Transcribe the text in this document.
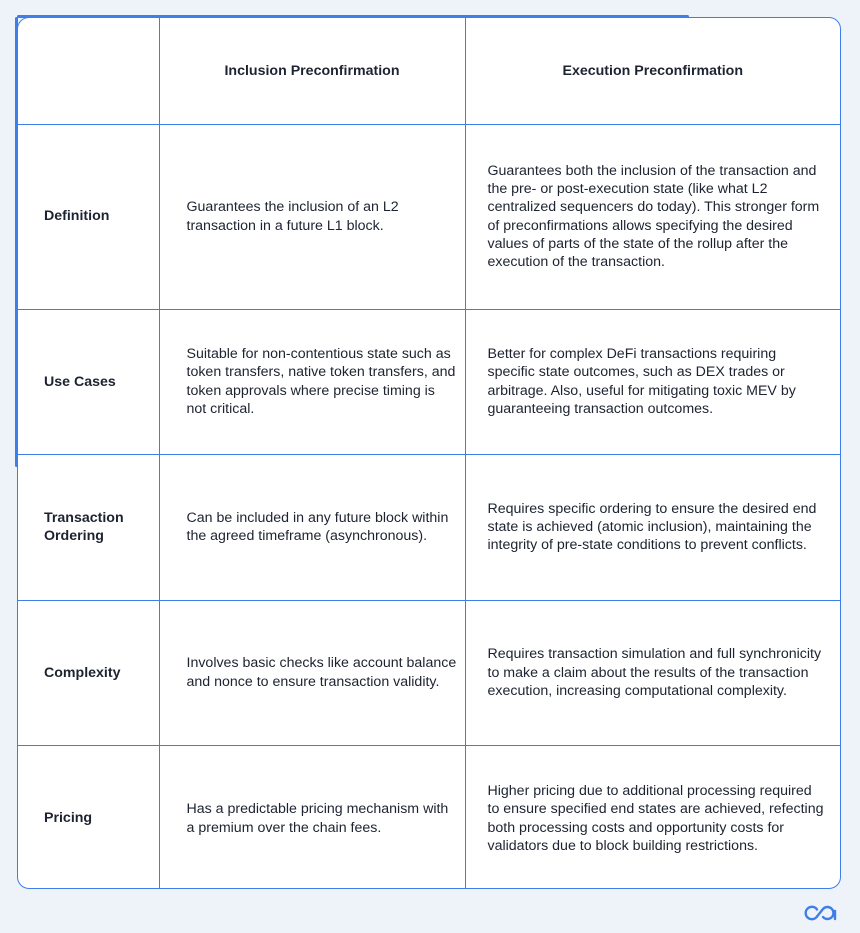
	Inclusion Preconfirmation	Execution Preconfirmation
Definition	Guarantees the inclusion of an L2 transaction in a future L1 block.	Guarantees both the inclusion of the transaction and the pre- or post-execution state (like what L2 centralized sequencers do today). This stronger form of preconfirmations allows specifying the desired values of parts of the state of the rollup after the execution of the transaction.
Use Cases	Suitable for non-contentious state such as token transfers, native token transfers, and token approvals where precise timing is not critical.	Better for complex DeFi transactions requiring specific state outcomes, such as DEX trades or arbitrage. Also, useful for mitigating toxic MEV by guaranteeing transaction outcomes.
Transaction Ordering	Can be included in any future block within the agreed timeframe (asynchronous).	Requires specific ordering to ensure the desired end state is achieved (atomic inclusion), maintaining the integrity of pre-state conditions to prevent conflicts.
Complexity	Involves basic checks like account balance and nonce to ensure transaction validity.	Requires transaction simulation and full synchronicity to make a claim about the results of the transaction execution, increasing computational complexity.
Pricing	Has a predictable pricing mechanism with a premium over the chain fees.	Higher pricing due to additional processing required to ensure specified end states are achieved, refecting both processing costs and opportunity costs for validators due to block building restrictions.
